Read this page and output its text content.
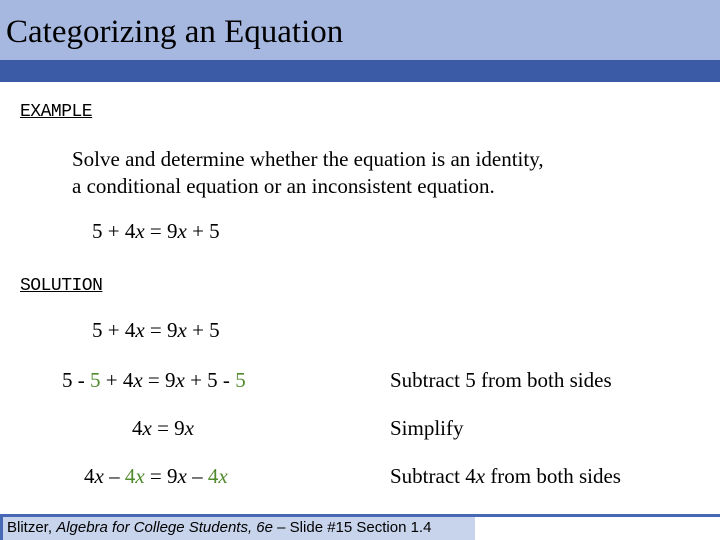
Categorizing an Equation
EXAMPLE
Solve and determine whether the equation is an identity,
a conditional equation or an inconsistent equation.
5 + 4x = 9x + 5
SOLUTION
5 + 4x = 9x + 5
5 - 5 + 4x = 9x + 5 - 5	Subtract 5 from both sides
4x = 9x	Simplify
4x – 4x = 9x – 4x	Subtract 4x from both sides
Blitzer, Algebra for College Students, 6e – Slide #15 Section 1.4
